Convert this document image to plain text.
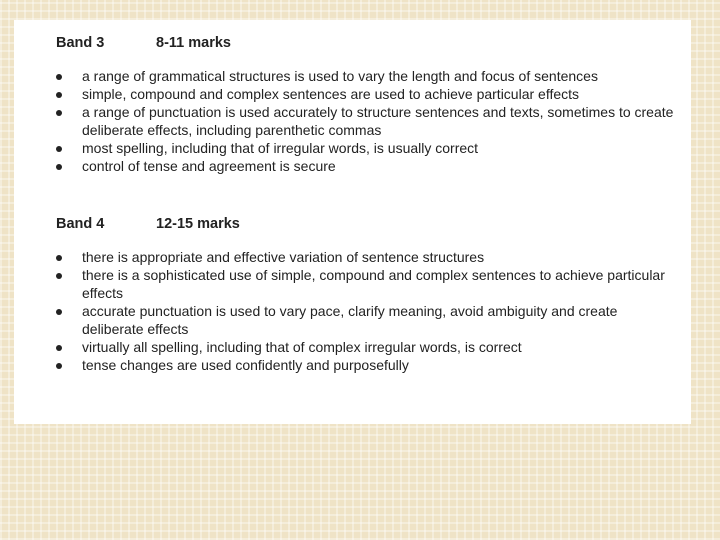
Band 3	8-11 marks
a range of grammatical structures is used to vary the length and focus of sentences
simple, compound and complex sentences are used to achieve particular effects
a range of punctuation is used accurately to structure sentences and texts, sometimes to create deliberate effects, including parenthetic commas
most spelling, including that of irregular words, is usually correct
control of tense and agreement is secure
Band 4	12-15 marks
there is appropriate and effective variation of sentence structures
there is a sophisticated use of simple, compound and complex sentences to achieve particular effects
accurate punctuation is used to vary pace, clarify meaning, avoid ambiguity and create deliberate effects
virtually all spelling, including that of complex irregular words, is correct
tense changes are used confidently and purposefully
